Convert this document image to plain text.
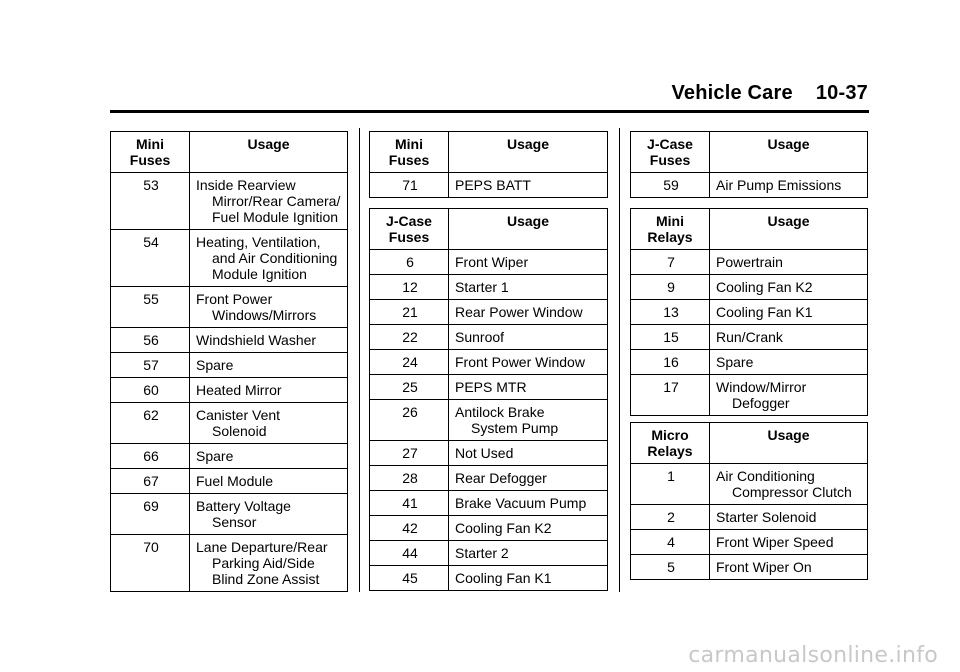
Vehicle Care 10-37
Mini
Fuses	Usage
53	Inside Rearview
Mirror/Rear Camera/
Fuel Module Ignition

54	Heating, Ventilation,
and Air Conditioning
Module Ignition

55	Front Power
Windows/Mirrors

56	Windshield Washer

57	Spare

60	Heated Mirror

62	Canister Vent
Solenoid

66	Spare

67	Fuel Module

69	Battery Voltage
Sensor

70	Lane Departure/Rear
Parking Aid/Side
Blind Zone Assist
Mini
Fuses	Usage
71	PEPS BATT
J-Case
Fuses	Usage
6	Front Wiper

12	Starter 1

21	Rear Power Window

22	Sunroof

24	Front Power Window

25	PEPS MTR

26	Antilock Brake
System Pump

27	Not Used

28	Rear Defogger

41	Brake Vacuum Pump

42	Cooling Fan K2

44	Starter 2

45	Cooling Fan K1
J-Case
Fuses	Usage
59	Air Pump Emissions
Mini
Relays	Usage
7	Powertrain

9	Cooling Fan K2

13	Cooling Fan K1

15	Run/Crank

16	Spare

17	Window/Mirror
Defogger
Micro
Relays	Usage
1	Air Conditioning
Compressor Clutch

2	Starter Solenoid

4	Front Wiper Speed

5	Front Wiper On
carmanualsonline.info
